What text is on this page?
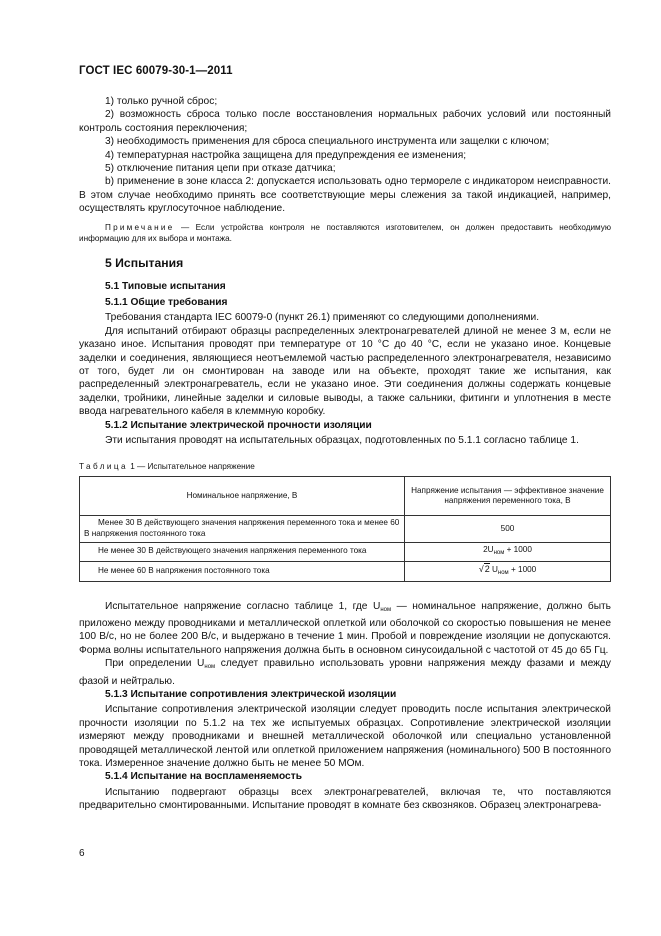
ГОСТ IEC 60079-30-1—2011

1) только ручной сброс;

2) возможность сброса только после восстановления нормальных рабочих условий или постоянный контроль состояния переключения;

3) необходимость применения для сброса специального инструмента или защелки с ключом;

4) температурная настройка защищена для предупреждения ее изменения;

5) отключение питания цепи при отказе датчика;

b) применение в зоне класса 2: допускается использовать одно термореле с индикатором неисправности. В этом случае необходимо принять все соответствующие меры слежения за такой индикацией, например, осуществлять круглосуточное наблюдение.

Примечание — Если устройства контроля не поставляются изготовителем, он должен предоставить необходимую информацию для их выбора и монтажа.

5 Испытания
5.1 Типовые испытания
5.1.1 Общие требования

Требования стандарта IEC 60079-0 (пункт 26.1) применяют со следующими дополнениями.

Для испытаний отбирают образцы распределенных электронагревателей длиной не менее 3 м, если не указано иное. Испытания проводят при температуре от 10 °С до 40 °С, если не указано иное. Концевые заделки и соединения, являющиеся неотъемлемой частью распределенного электронагревателя, независимо от того, будет ли он смонтирован на заводе или на объекте, проходят такие же испытания, как распределенный электронагреватель, если не указано иное. Эти соединения должны содержать концевые заделки, тройники, линейные заделки и силовые выводы, а также сальники, фитинги и уплотнения в месте ввода нагревательного кабеля в клеммную коробку.

5.1.2 Испытание электрической прочности изоляции

Эти испытания проводят на испытательных образцах, подготовленных по 5.1.1 согласно таблице 1.

Таблица 1 — Испытательное напряжение
Номинальное напряжение, В	Напряжение испытания — эффективное значение напряжения переменного тока, В
Менее 30 В действующего значения напряжения переменного тока и менее 60 В напряжения постоянного тока	500
Не менее 30 В действующего значения напряжения переменного тока	$2U_{ном} + 1000$
Не менее 60 В напряжения постоянного тока	√2 $U_{ном} + 1000$

Испытательное напряжение согласно таблице 1, где $U_{ном}$ — номинальное напряжение, должно быть приложено между проводниками и металлической оплеткой или оболочкой со скоростью повышения не менее 100 В/с, но не более 200 В/с, и выдержано в течение 1 мин. Пробой и повреждение изоляции не допускаются. Форма волны испытательного напряжения должна быть в основном синусоидальной с частотой от 45 до 65 Гц.

При определении $U_{ном}$ следует правильно использовать уровни напряжения между фазами и между фазой и нейтралью.

5.1.3 Испытание сопротивления электрической изоляции

Испытание сопротивления электрической изоляции следует проводить после испытания электрической прочности изоляции по 5.1.2 на тех же испытуемых образцах. Сопротивление электрической изоляции измеряют между проводниками и внешней металлической оболочкой или специально установленной проводящей металлической лентой или оплеткой приложением напряжения (номинального) 500 В постоянного тока. Измеренное значение должно быть не менее 50 МОм.

5.1.4 Испытание на воспламеняемость

Испытанию подвергают образцы всех электронагревателей, включая те, что поставляются предварительно смонтированными. Испытание проводят в комнате без сквозняков. Образец электронагрева-

6
